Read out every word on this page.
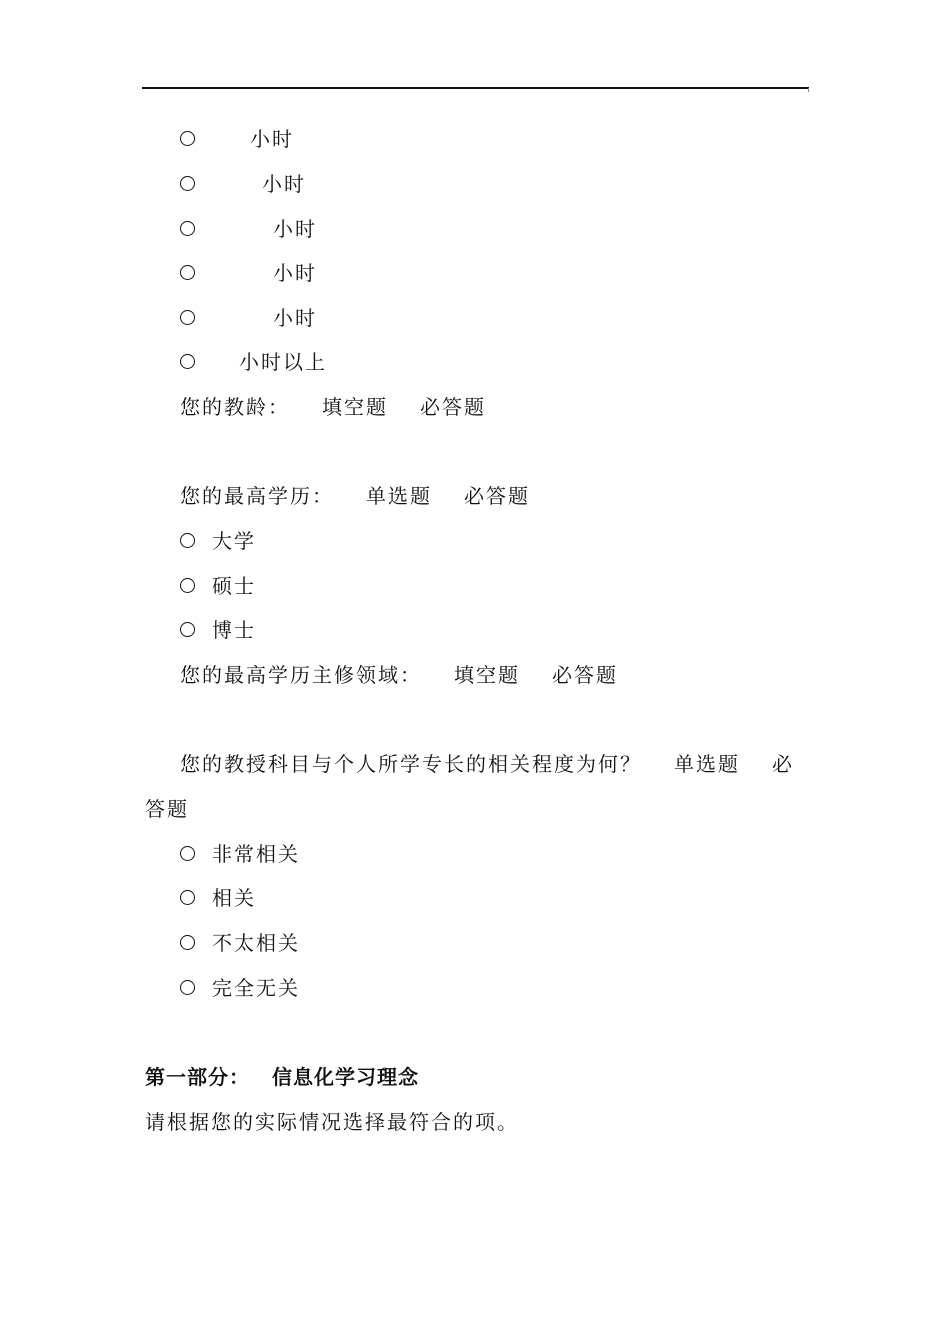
小时
小时
小时
小时
小时
小时以上
您的教龄： 填空题 必答题
您的最高学历： 单选题 必答题
大学
硕士
博士
您的最高学历主修领域： 填空题 必答题
您的教授科目与个人所学专长的相关程度为何？ 单选题 必
答题
非常相关
相关
不太相关
完全无关
第一部分： 信息化学习理念
请根据您的实际情况选择最符合的项。
